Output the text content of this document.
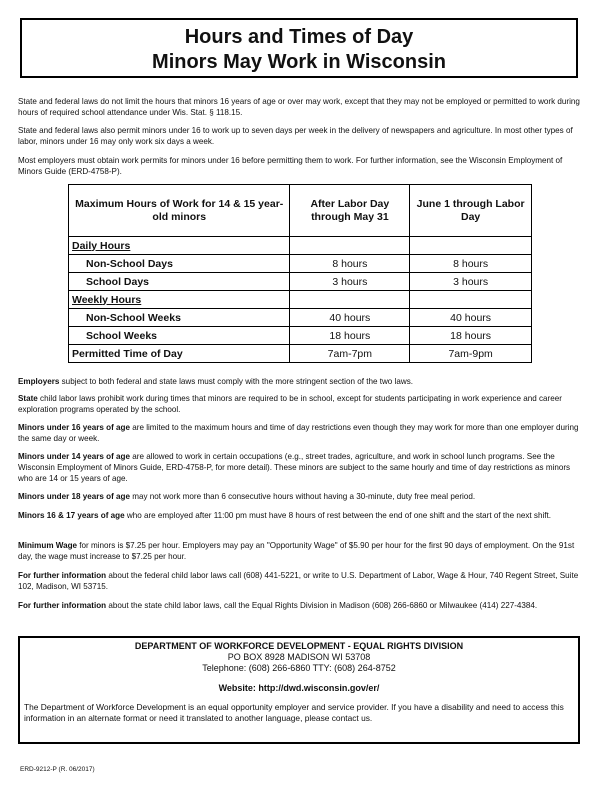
Hours and Times of Day
Minors May Work in Wisconsin

State and federal laws do not limit the hours that minors 16 years of age or over may work, except that they may not be employed or permitted to work during hours of required school attendance under Wis. Stat. § 118.15.

State and federal laws also permit minors under 16 to work up to seven days per week in the delivery of newspapers and agriculture. In most other types of labor, minors under 16 may only work six days a week.

Most employers must obtain work permits for minors under 16 before permitting them to work. For further information, see the Wisconsin Employment of Minors Guide (ERD-4758-P).

Maximum Hours of Work for 14 & 15 year-old minors	After Labor Day through May 31	June 1 through Labor Day
Daily Hours		
Non-School Days	8 hours	8 hours
School Days	3 hours	3 hours
Weekly Hours		
Non-School Weeks	40 hours	40 hours
School Weeks	18 hours	18 hours
Permitted Time of Day	7am-7pm	7am-9pm

Employers subject to both federal and state laws must comply with the more stringent section of the two laws.

State child labor laws prohibit work during times that minors are required to be in school, except for students participating in work experience and career exploration programs operated by the school.

Minors under 16 years of age are limited to the maximum hours and time of day restrictions even though they may work for more than one employer during the same day or week.

Minors under 14 years of age are allowed to work in certain occupations (e.g., street trades, agriculture, and work in school lunch programs. See the Wisconsin Employment of Minors Guide, ERD-4758-P, for more detail). These minors are subject to the same hourly and time of day restrictions as minors who are 14 or 15 years of age.

Minors under 18 years of age may not work more than 6 consecutive hours without having a 30-minute, duty free meal period.

Minors 16 & 17 years of age who are employed after 11:00 pm must have 8 hours of rest between the end of one shift and the start of the next shift.

Minimum Wage for minors is $7.25 per hour. Employers may pay an "Opportunity Wage" of $5.90 per hour for the first 90 days of employment. On the 91st day, the wage must increase to $7.25 per hour.

For further information about the federal child labor laws call (608) 441-5221, or write to U.S. Department of Labor, Wage & Hour, 740 Regent Street, Suite 102, Madison, WI 53715.

For further information about the state child labor laws, call the Equal Rights Division in Madison (608) 266-6860 or Milwaukee (414) 227-4384.

DEPARTMENT OF WORKFORCE DEVELOPMENT - EQUAL RIGHTS DIVISION
PO BOX 8928 MADISON WI 53708
Telephone: (608) 266-6860 TTY: (608) 264-8752
Website: http://dwd.wisconsin.gov/er/
The Department of Workforce Development is an equal opportunity employer and service provider. If you have a disability and need to access this information in an alternate format or need it translated to another language, please contact us.
ERD-9212-P (R. 06/2017)
